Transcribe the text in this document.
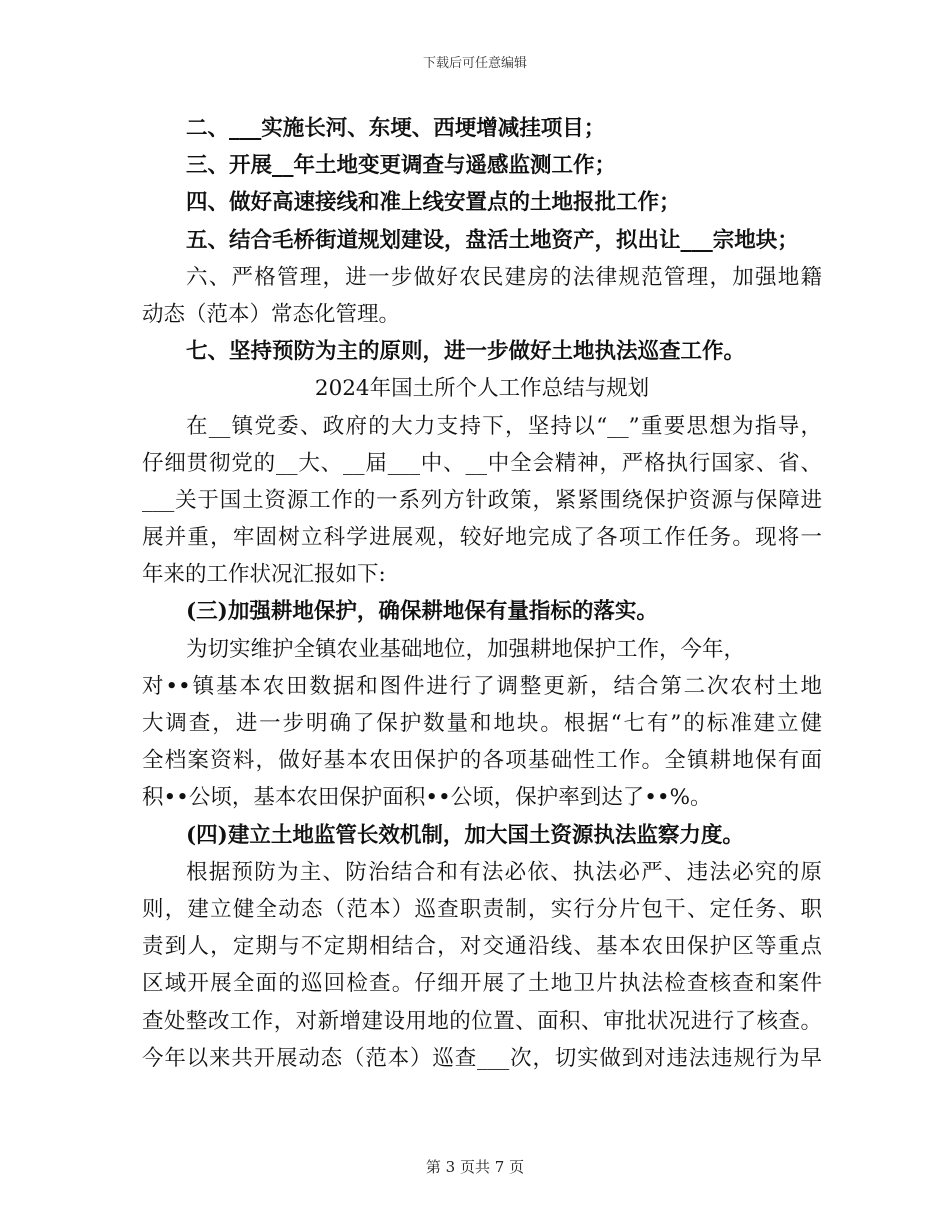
下载后可任意编辑
二、___实施长河、东埂、西埂增减挂项目；
三、开展__年土地变更调查与遥感监测工作；
四、做好高速接线和准上线安置点的土地报批工作；
五、结合毛桥街道规划建设，盘活土地资产，拟出让___宗地块；
六、严格管理，进一步做好农民建房的法律规范管理，加强地籍
动态（范本）常态化管理。
七、坚持预防为主的原则，进一步做好土地执法巡查工作。
2024年国土所个人工作总结与规划
在__镇党委、政府的大力支持下，坚持以“__”重要思想为指导，
仔细贯彻党的__大、__届___中、__中全会精神，严格执行国家、省、
___关于国土资源工作的一系列方针政策，紧紧围绕保护资源与保障进
展并重，牢固树立科学进展观，较好地完成了各项工作任务。现将一
年来的工作状况汇报如下:
(三)加强耕地保护，确保耕地保有量指标的落实。
为切实维护全镇农业基础地位，加强耕地保护工作，今年，
对••镇基本农田数据和图件进行了调整更新，结合第二次农村土地
大调查，进一步明确了保护数量和地块。根据“七有”的标准建立健
全档案资料，做好基本农田保护的各项基础性工作。全镇耕地保有面
积••公顷，基本农田保护面积••公顷，保护率到达了••%。
(四)建立土地监管长效机制，加大国土资源执法监察力度。
根据预防为主、防治结合和有法必依、执法必严、违法必究的原
则，建立健全动态（范本）巡查职责制，实行分片包干、定任务、职
责到人，定期与不定期相结合，对交通沿线、基本农田保护区等重点
区域开展全面的巡回检查。仔细开展了土地卫片执法检查核查和案件
查处整改工作，对新增建设用地的位置、面积、审批状况进行了核查。
今年以来共开展动态（范本）巡查___次，切实做到对违法违规行为早
第 3 页共 7 页
